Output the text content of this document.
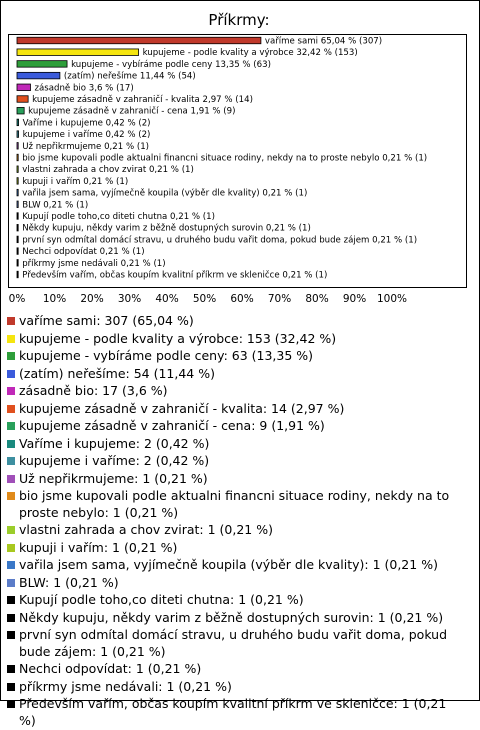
Příkrmy:
vaříme sami 65,04 % (307)
kupujeme - podle kvality a výrobce 32,42 % (153)
kupujeme - vybíráme podle ceny 13,35 % (63)
(zatím) neřešíme 11,44 % (54)
zásadně bio 3,6 % (17)
kupujeme zásadně v zahraničí - kvalita 2,97 % (14)
kupujeme zásadně v zahraničí - cena 1,91 % (9)
Vaříme i kupujeme 0,42 % (2)
kupujeme i vaříme 0,42 % (2)
Už nepřikrmujeme 0,21 % (1)
bio jsme kupovali podle aktualni financni situace rodiny, nekdy na to proste nebylo 0,21 % (1)
vlastni zahrada a chov zvirat 0,21 % (1)
kupuji i vařím 0,21 % (1)
vařila jsem sama, vyjímečně koupila (výběr dle kvality) 0,21 % (1)
BLW 0,21 % (1)
Kupují podle toho,co diteti chutna 0,21 % (1)
Někdy kupuju, někdy varim z běžně dostupných surovin 0,21 % (1)
první syn odmítal domácí stravu, u druhého budu vařit doma, pokud bude zájem 0,21 % (1)
Nechci odpovídat 0,21 % (1)
příkrmy jsme nedávali 0,21 % (1)
Především vařím, občas koupím kvalitní příkrm ve skleničce 0,21 % (1)
0% 10% 20% 30% 40% 50% 60% 70% 80% 90% 100%
vaříme sami: 307 (65,04 %)
kupujeme - podle kvality a výrobce: 153 (32,42 %)
kupujeme - vybíráme podle ceny: 63 (13,35 %)
(zatím) neřešíme: 54 (11,44 %)
zásadně bio: 17 (3,6 %)
kupujeme zásadně v zahraničí - kvalita: 14 (2,97 %)
kupujeme zásadně v zahraničí - cena: 9 (1,91 %)
Vaříme i kupujeme: 2 (0,42 %)
kupujeme i vaříme: 2 (0,42 %)
Už nepřikrmujeme: 1 (0,21 %)
bio jsme kupovali podle aktualni financni situace rodiny, nekdy na to proste nebylo: 1 (0,21 %)
vlastni zahrada a chov zvirat: 1 (0,21 %)
kupuji i vařím: 1 (0,21 %)
vařila jsem sama, vyjímečně koupila (výběr dle kvality): 1 (0,21 %)
BLW: 1 (0,21 %)
Kupují podle toho,co diteti chutna: 1 (0,21 %)
Někdy kupuju, někdy varim z běžně dostupných surovin: 1 (0,21 %)
první syn odmítal domácí stravu, u druhého budu vařit doma, pokud bude zájem: 1 (0,21 %)
Nechci odpovídat: 1 (0,21 %)
příkrmy jsme nedávali: 1 (0,21 %)
Především vařím, občas koupím kvalitní příkrm ve skleničce: 1 (0,21 %)
